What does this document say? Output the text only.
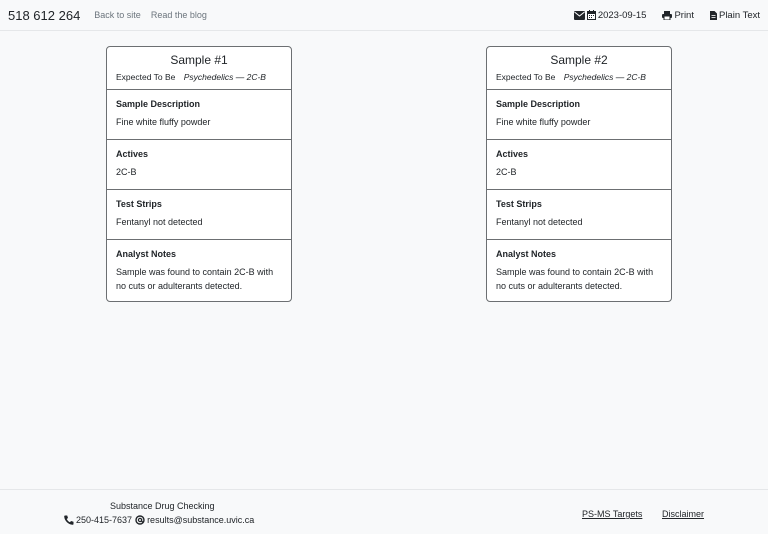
518 612 264 Back to site Read the blog	2023-09-15	Print	Plain Text
Sample #1
Expected To Be Psychedelics — 2C-B
Sample Description
Fine white fluffy powder
Actives
2C-B
Test Strips
Fentanyl not detected
Analyst Notes
Sample was found to contain 2C-B with no cuts or adulterants detected.
Sample #2
Expected To Be Psychedelics — 2C-B
Sample Description
Fine white fluffy powder
Actives
2C-B
Test Strips
Fentanyl not detected
Analyst Notes
Sample was found to contain 2C-B with no cuts or adulterants detected.
Substance Drug Checking
250-415-7637 results@substance.uvic.ca
PS-MS Targets Disclaimer
